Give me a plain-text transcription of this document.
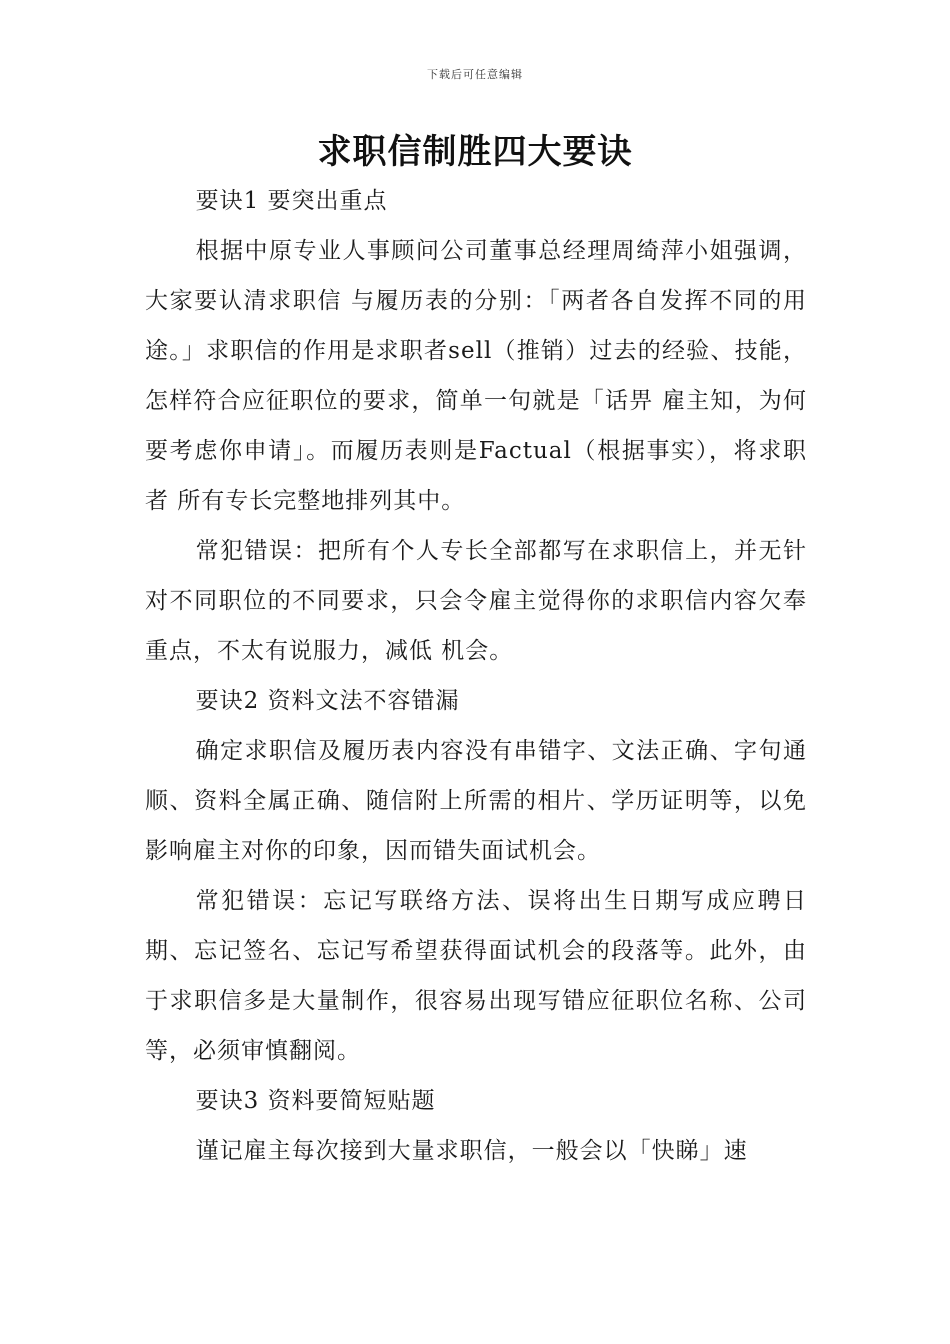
下载后可任意编辑
求职信制胜四大要诀

要诀1 要突出重点

根据中原专业人事顾问公司董事总经理周绮萍小姐强调，大家要认清求职信 与履历表的分别：「两者各自发挥不同的用途。」求职信的作用是求职者sell（推销）过去的经验、技能，怎样符合应征职位的要求，简单一句就是「话畀 雇主知，为何要考虑你申请」。而履历表则是Factual（根据事实），将求职者 所有专长完整地排列其中。

常犯错误：把所有个人专长全部都写在求职信上，并无针对不同职位的不同要求，只会令雇主觉得你的求职信内容欠奉重点，不太有说服力，减低 机会。

要诀2 资料文法不容错漏

确定求职信及履历表内容没有串错字、文法正确、字句通顺、资料全属正确、随信附上所需的相片、学历证明等，以免影响雇主对你的印象，因而错失面试机会。

常犯错误：忘记写联络方法、误将出生日期写成应聘日期、忘记签名、忘记写希望获得面试机会的段落等。此外，由于求职信多是大量制作，很容易出现写错应征职位名称、公司等，必须审慎翻阅。

要诀3 资料要简短贴题

谨记雇主每次接到大量求职信，一般会以「快睇」速
